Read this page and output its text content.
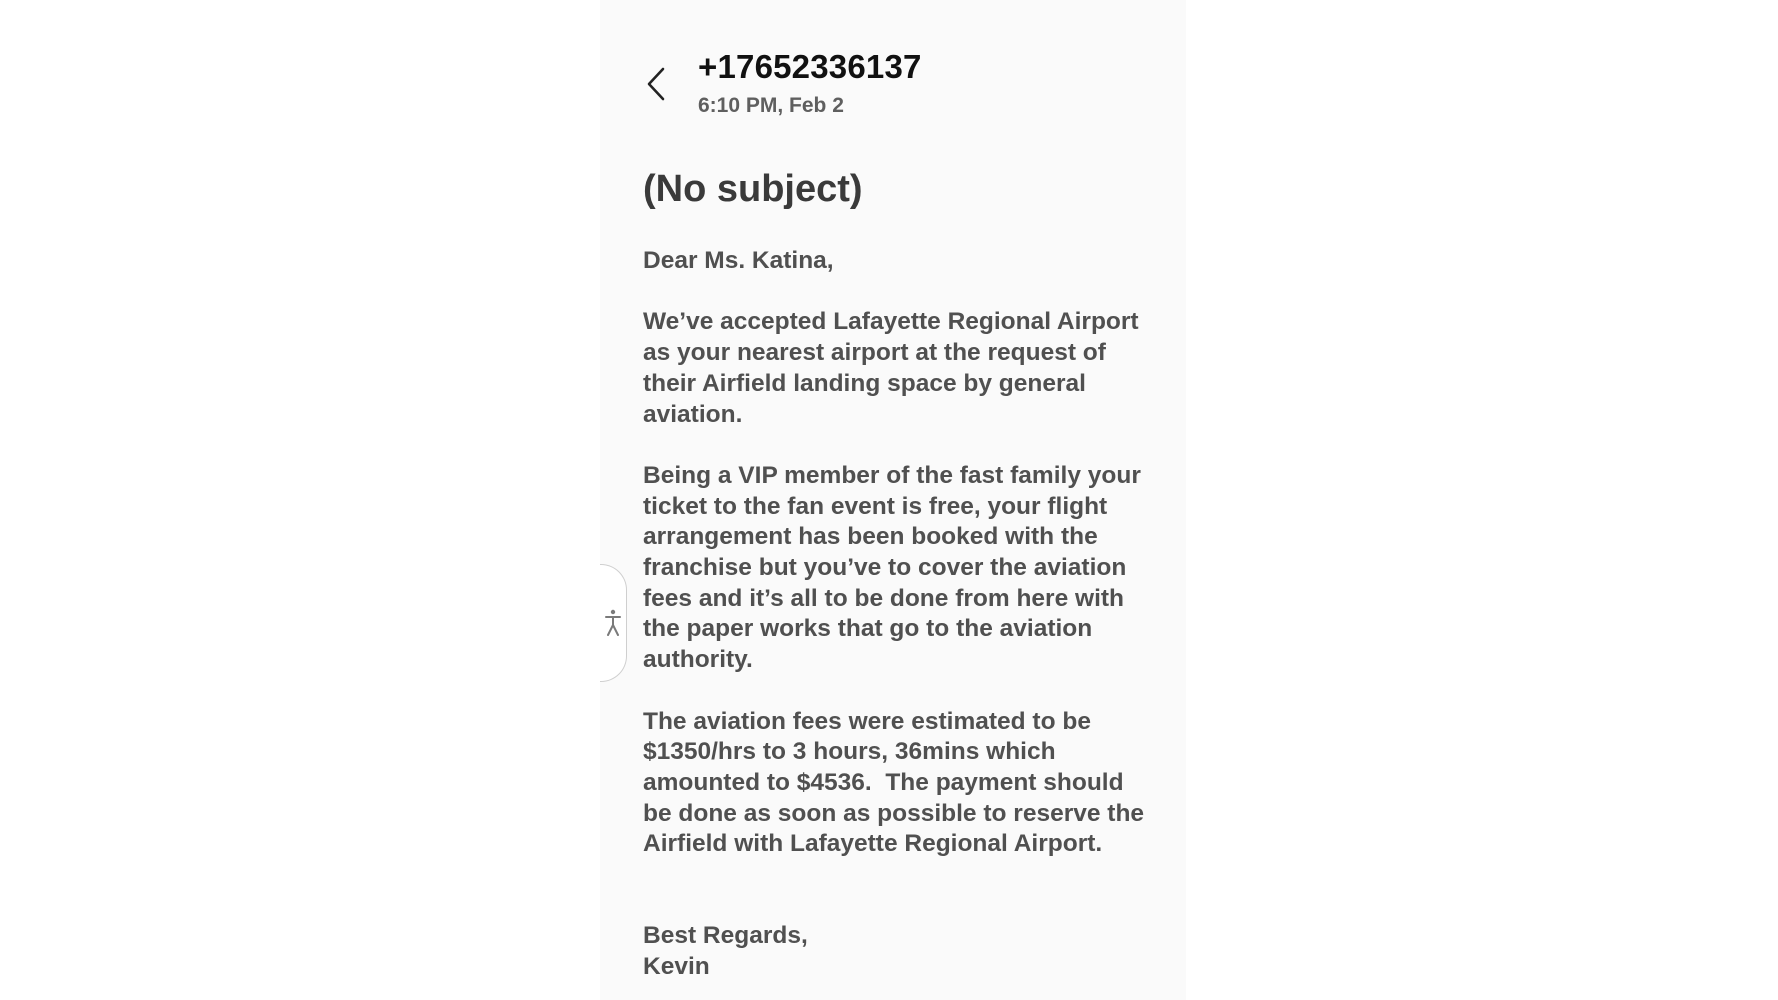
+17652336137
6:10 PM, Feb 2
(No subject)

Dear Ms. Katina,

We’ve accepted Lafayette Regional Airport as your nearest airport at the request of their Airfield landing space by general aviation.

Being a VIP member of the fast family your ticket to the fan event is free, your flight arrangement has been booked with the franchise but you’ve to cover the aviation fees and it’s all to be done from here with the paper works that go to the aviation authority.

The aviation fees were estimated to be $1350/hrs to 3 hours, 36mins which amounted to $4536.  The payment should be done as soon as possible to reserve the Airfield with Lafayette Regional Airport.

Best Regards,

Kevin
